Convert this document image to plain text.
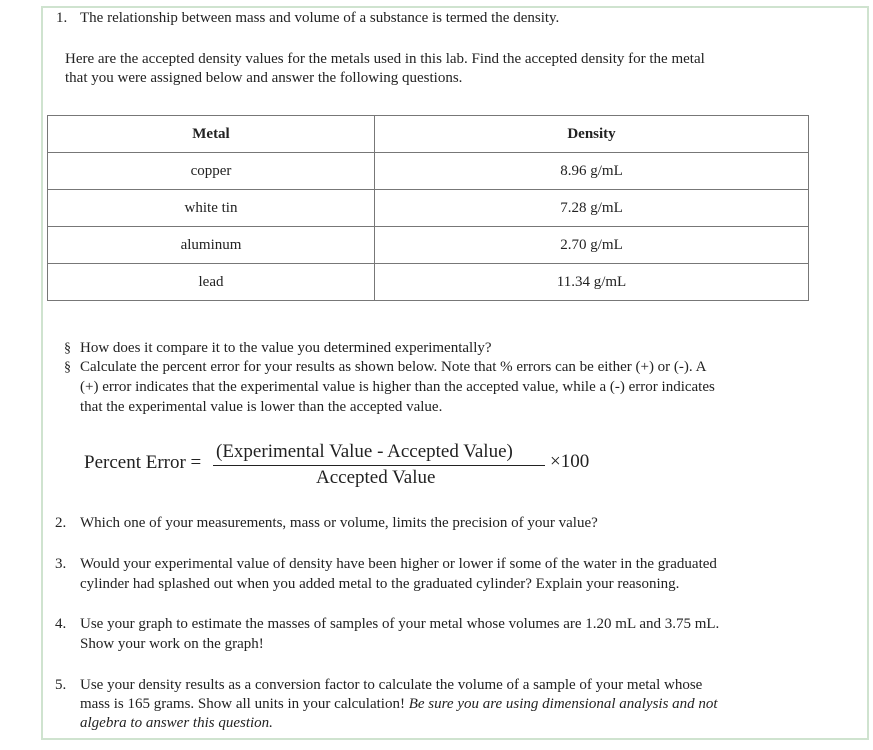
1. The relationship between mass and volume of a substance is termed the density.
Here are the accepted density values for the metals used in this lab. Find the accepted density for the metal
that you were assigned below and answer the following questions.
Metal	Density
copper	8.96 g/mL
white tin	7.28 g/mL
aluminum	2.70 g/mL
lead	11.34 g/mL
§ How does it compare it to the value you determined experimentally?
§ Calculate the percent error for your results as shown below. Note that % errors can be either (+) or (-). A
(+) error indicates that the experimental value is higher than the accepted value, while a (-) error indicates
that the experimental value is lower than the accepted value.
Percent Error =
(Experimental Value - Accepted Value)
Accepted Value
×100
2. Which one of your measurements, mass or volume, limits the precision of your value?
3. Would your experimental value of density have been higher or lower if some of the water in the graduated
cylinder had splashed out when you added metal to the graduated cylinder? Explain your reasoning.
4. Use your graph to estimate the masses of samples of your metal whose volumes are 1.20 mL and 3.75 mL.
Show your work on the graph!
5. Use your density results as a conversion factor to calculate the volume of a sample of your metal whose
mass is 165 grams. Show all units in your calculation! Be sure you are using dimensional analysis and not
algebra to answer this question.
